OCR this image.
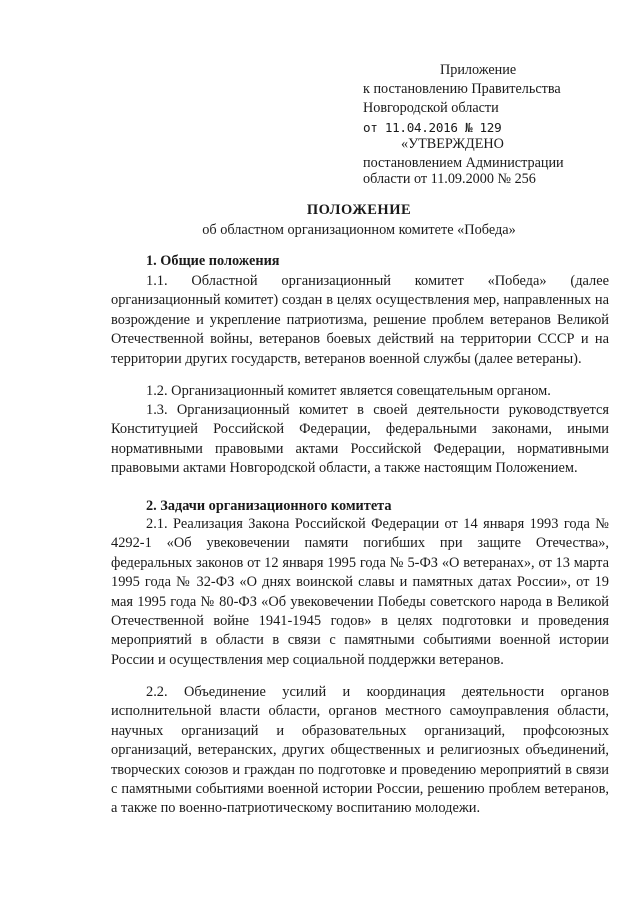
Приложение
к постановлению Правительства
Новгородской области
от 11.04.2016 № 129
«УТВЕРЖДЕНО
постановлением Администрации
области от 11.09.2000 № 256
ПОЛОЖЕНИЕ
об областном организационном комитете «Победа»
1. Общие положения
1.1. Областной организационный комитет «Победа» (далее организационный комитет) создан в целях осуществления мер, направленных на возрождение и укрепление патриотизма, решение проблем ветеранов Великой Отечественной войны, ветеранов боевых действий на территории СССР и на территории других государств, ветеранов военной службы (далее ветераны).
1.2. Организационный комитет является совещательным органом.
1.3. Организационный комитет в своей деятельности руководствуется Конституцией Российской Федерации, федеральными законами, иными нормативными правовыми актами Российской Федерации, нормативными правовыми актами Новгородской области, а также настоящим Положением.
2. Задачи организационного комитета
2.1. Реализация Закона Российской Федерации от 14 января 1993 года № 4292-1 «Об увековечении памяти погибших при защите Отечества», федеральных законов от 12 января 1995 года № 5-ФЗ «О ветеранах», от 13 марта 1995 года № 32-ФЗ «О днях воинской славы и памятных датах России», от 19 мая 1995 года № 80-ФЗ «Об увековечении Победы советского народа в Великой Отечественной войне 1941-1945 годов» в целях подготовки и проведения мероприятий в области в связи с памятными событиями военной истории России и осуществления мер социальной поддержки ветеранов.
2.2. Объединение усилий и координация деятельности органов исполнительной власти области, органов местного самоуправления области, научных организаций и образовательных организаций, профсоюзных организаций, ветеранских, других общественных и религиозных объединений, творческих союзов и граждан по подготовке и проведению мероприятий в связи с памятными событиями военной истории России, решению проблем ветеранов, а также по военно-патриотическому воспитанию молодежи.
